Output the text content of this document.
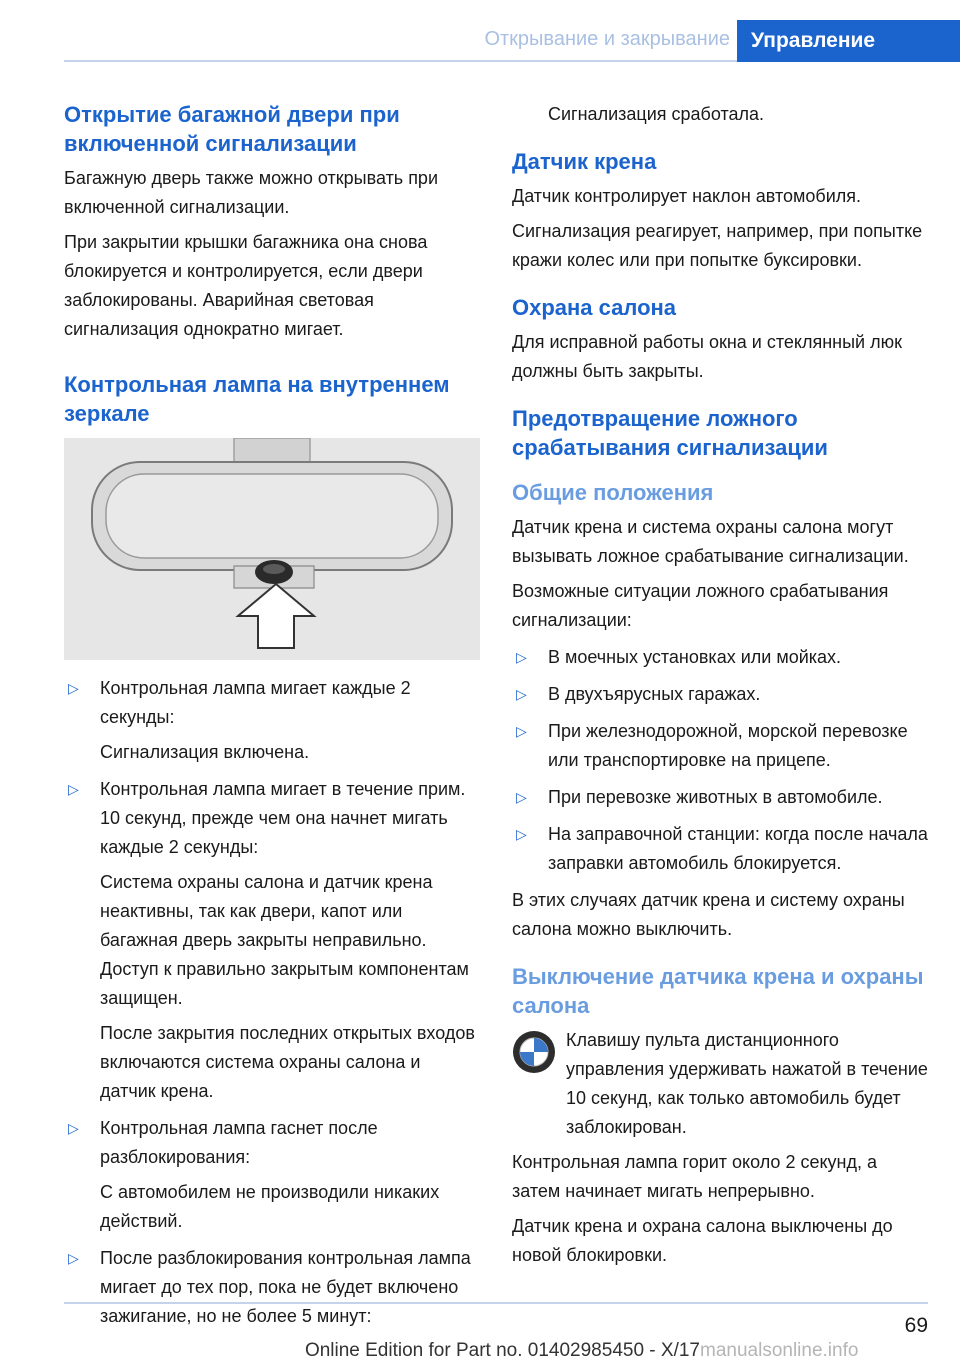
Открывание и закрывание	Управление
Открытие багажной двери при включенной сигнализации

Багажную дверь также можно открывать при включенной сигнализации.

При закрытии крышки багажника она снова блокируется и контролируется, если двери заблокированы. Аварийная световая сигнализация однократно мигает.

Контрольная лампа на внутреннем зеркале
▷ Контрольная лампа мигает каждые 2 секунды:

Сигнализация включена.

▷ Контрольная лампа мигает в течение прим. 10 секунд, прежде чем она начнет мигать каждые 2 секунды:

Система охраны салона и датчик крена неактивны, так как двери, капот или багажная дверь закрыты неправильно. Доступ к правильно закрытым компонентам защищен.

После закрытия последних открытых входов включаются система охраны салона и датчик крена.

▷ Контрольная лампа гаснет после разблокирования:

С автомобилем не производили никаких действий.

▷ После разблокирования контрольная лампа мигает до тех пор, пока не будет включено зажигание, но не более 5 минут:

Сигнализация сработала.

Датчик крена

Датчик контролирует наклон автомобиля.

Сигнализация реагирует, например, при попытке кражи колес или при попытке буксировки.

Охрана салона

Для исправной работы окна и стеклянный люк должны быть закрыты.

Предотвращение ложного срабатывания сигнализации
Общие положения

Датчик крена и система охраны салона могут вызывать ложное срабатывание сигнализации.

Возможные ситуации ложного срабатывания сигнализации:

▷ В моечных установках или мойках.
▷ В двухъярусных гаражах.
▷ При железнодорожной, морской перевозке или транспортировке на прицепе.
▷ При перевозке животных в автомобиле.
▷ На заправочной станции: когда после начала заправки автомобиль блокируется.

В этих случаях датчик крена и систему охраны салона можно выключить.

Выключение датчика крена и охраны салона

Клавишу пульта дистанционного управления удерживать нажатой в течение 10 секунд, как только автомобиль будет заблокирован.

Контрольная лампа горит около 2 секунд, а затем начинает мигать непрерывно.

Датчик крена и охрана салона выключены до новой блокировки.

69
Online Edition for Part no. 01402985450 - X/17 manualsonline.info
